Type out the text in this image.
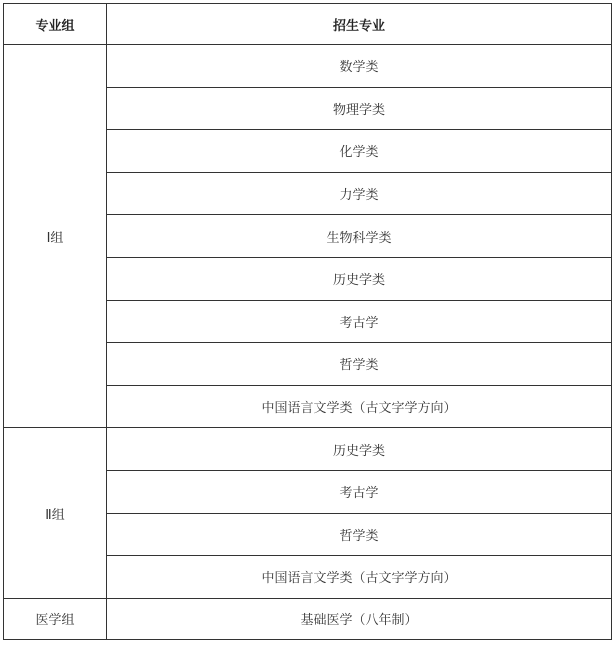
专业组	招生专业
Ⅰ组	数学类
	物理学类
	化学类
	力学类
	生物科学类
	历史学类
	考古学
	哲学类
	中国语言文学类（古文字学方向）
Ⅱ组	历史学类
	考古学
	哲学类
	中国语言文学类（古文字学方向）
医学组	基础医学（八年制）
